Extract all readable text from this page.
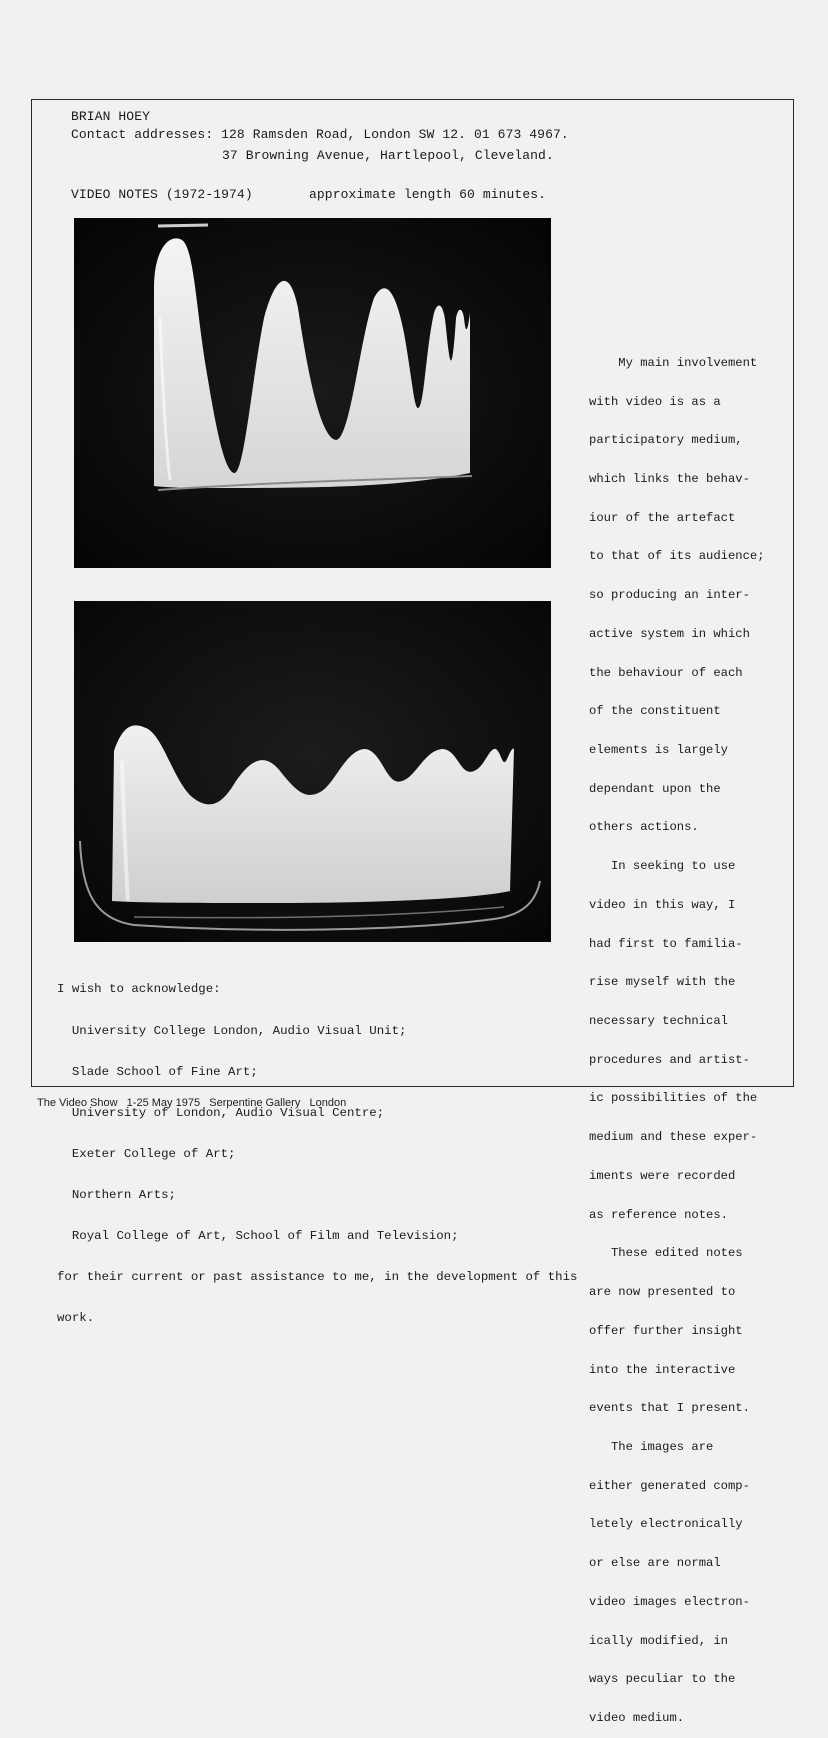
BRIAN HOEY
Contact addresses: 128 Ramsden Road, London SW 12. 01 673 4967.
37 Browning Avenue, Hartlepool, Cleveland.
VIDEO NOTES (1972-1974)	approximate length 60 minutes.

My main involvement

with video is as a

participatory medium,

which links the behav-

iour of the artefact

to that of its audience;

so producing an inter-

active system in which

the behaviour of each

of the constituent

elements is largely

dependant upon the

others actions.

In seeking to use

video in this way, I

had first to familia-

rise myself with the

necessary technical

procedures and artist-

ic possibilities of the

medium and these exper-

iments were recorded

as reference notes.

These edited notes

are now presented to

offer further insight

into the interactive

events that I present.

The images are

either generated comp-

letely electronically

or else are normal

video images electron-

ically modified, in

ways peculiar to the

video medium.

I wish to acknowledge:

University College London, Audio Visual Unit;

Slade School of Fine Art;

University of London, Audio Visual Centre;

Exeter College of Art;

Northern Arts;

Royal College of Art, School of Film and Television;

for their current or past assistance to me, in the development of this

work.

The Video Show   1-25 May 1975   Serpentine Gallery   London
